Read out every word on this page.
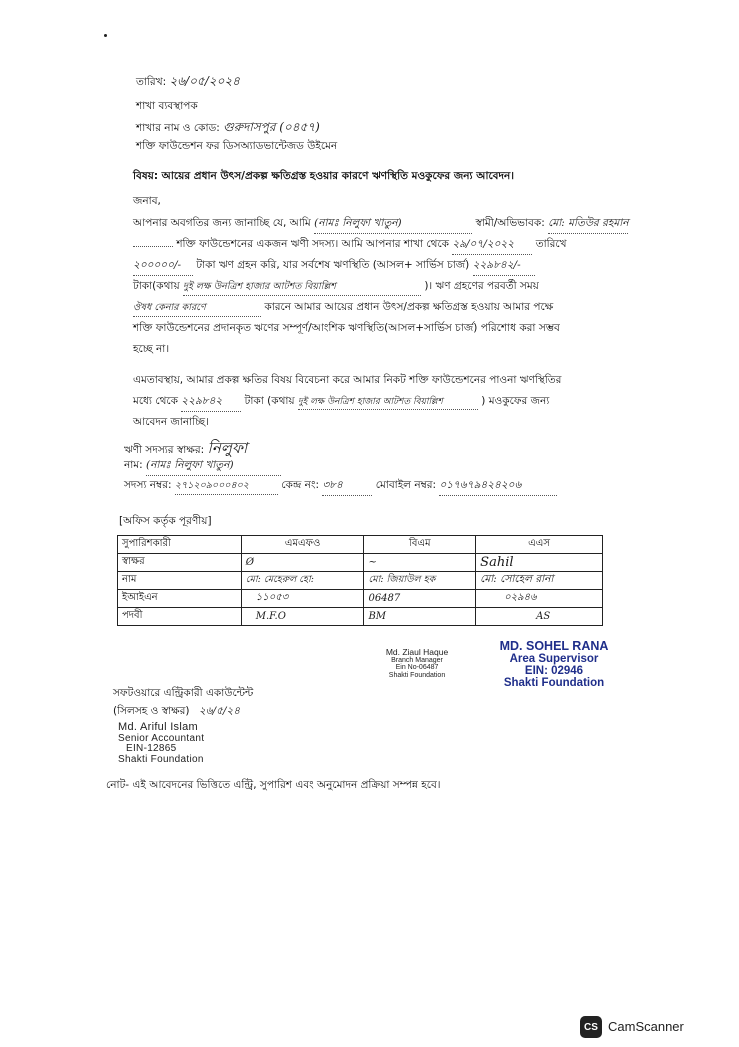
তারিখ: ২৬/০৫/২০২৪
শাখা ব্যবস্থাপক
শাখার নাম ও কোড: গুরুদাসপুর (০৪৫৭)
শক্তি ফাউন্ডেশন ফর ডিসঅ্যাডভান্টেজড উইমেন
বিষয়: আয়ের প্রধান উৎস/প্রকল্প ক্ষতিগ্রস্ত হওয়ার কারণে ঋণস্থিতি মওকুফের জন্য আবেদন।
জনাব,
আপনার অবগতির জন্য জানাচ্ছি যে, আমি (নামঃ নিলুফা খাতুন)	স্বামী/অভিভাবক: মো: মতিউর রহমান
শক্তি ফাউন্ডেশনের একজন ঋণী সদস্য। আমি আপনার শাখা থেকে ২৯/০৭/২০২২ তারিখে
২০০০০০/- টাকা ঋণ গ্রহন করি, যার সর্বশেষ ঋণস্থিতি (আসল+ সার্ভিস চার্জ) ২২৯৮৪২/-
টাকা(কথায় দুই লক্ষ উনত্রিশ হাজার আটশত বিয়াল্লিশ	)। ঋণ গ্রহণের পরবর্তী সময়
ঔষধ কেনার কারণে	কারনে আমার আয়ের প্রধান উৎস/প্রকল্প ক্ষতিগ্রস্ত হওয়ায় আমার পক্ষে
শক্তি ফাউন্ডেশনের প্রদানকৃত ঋণের সম্পূর্ণ/আংশিক ঋণস্থিতি(আসল+সার্ভিস চার্জ) পরিশোধ করা সম্ভব
হচ্ছে না।
এমতাবস্থায়, আমার প্রকল্প ক্ষতির বিষয় বিবেচনা করে আমার নিকট শক্তি ফাউন্ডেশনের পাওনা ঋণস্থিতির
মধ্যে থেকে ২২৯৮৪২ টাকা (কথায় দুই লক্ষ উনত্রিশ হাজার আটশত বিয়াল্লিশ	) মওকুফের জন্য
আবেদন জানাচ্ছি।
ঋণী সদস্যর স্বাক্ষর: নিলুফা
নাম: (নামঃ নিলুফা খাতুন)
সদস্য নম্বর: ২৭১২০৯০০০৪০২	কেন্দ্র নং: ৩৮৪	মোবাইল নম্বর: ০১৭৬৭৯৪২৪২০৬
[অফিস কর্তৃক পূরণীয়]
সুপারিশকারী	এমএফও	বিএম	এএস
স্বাক্ষর	Ø	~	Sahil
নাম	মো: মেহেরুল হো:	মো: জিয়াউল হক	মো: সোহেল রানা
ইআইএন	১১০৫৩	06487	০২৯৪৬
পদবী	M.F.O	BM	AS
Md. Ziaul Haque
Branch Manager
Ein No-06487
Shakti Foundation
MD. SOHEL RANA
Area Supervisor
EIN: 02946
Shakti Foundation
সফটওয়ারে এন্ট্রিকারী একাউন্টেন্ট
(সিলসহ ও স্বাক্ষর) ২৬/৫/২৪
Md. Ariful Islam
Senior Accountant
EIN-12865
Shakti Foundation
নোট- এই আবেদনের ভিত্তিতে এন্ট্রি, সুপারিশ এবং অনুমোদন প্রক্রিয়া সম্পন্ন হবে।
CS CamScanner
